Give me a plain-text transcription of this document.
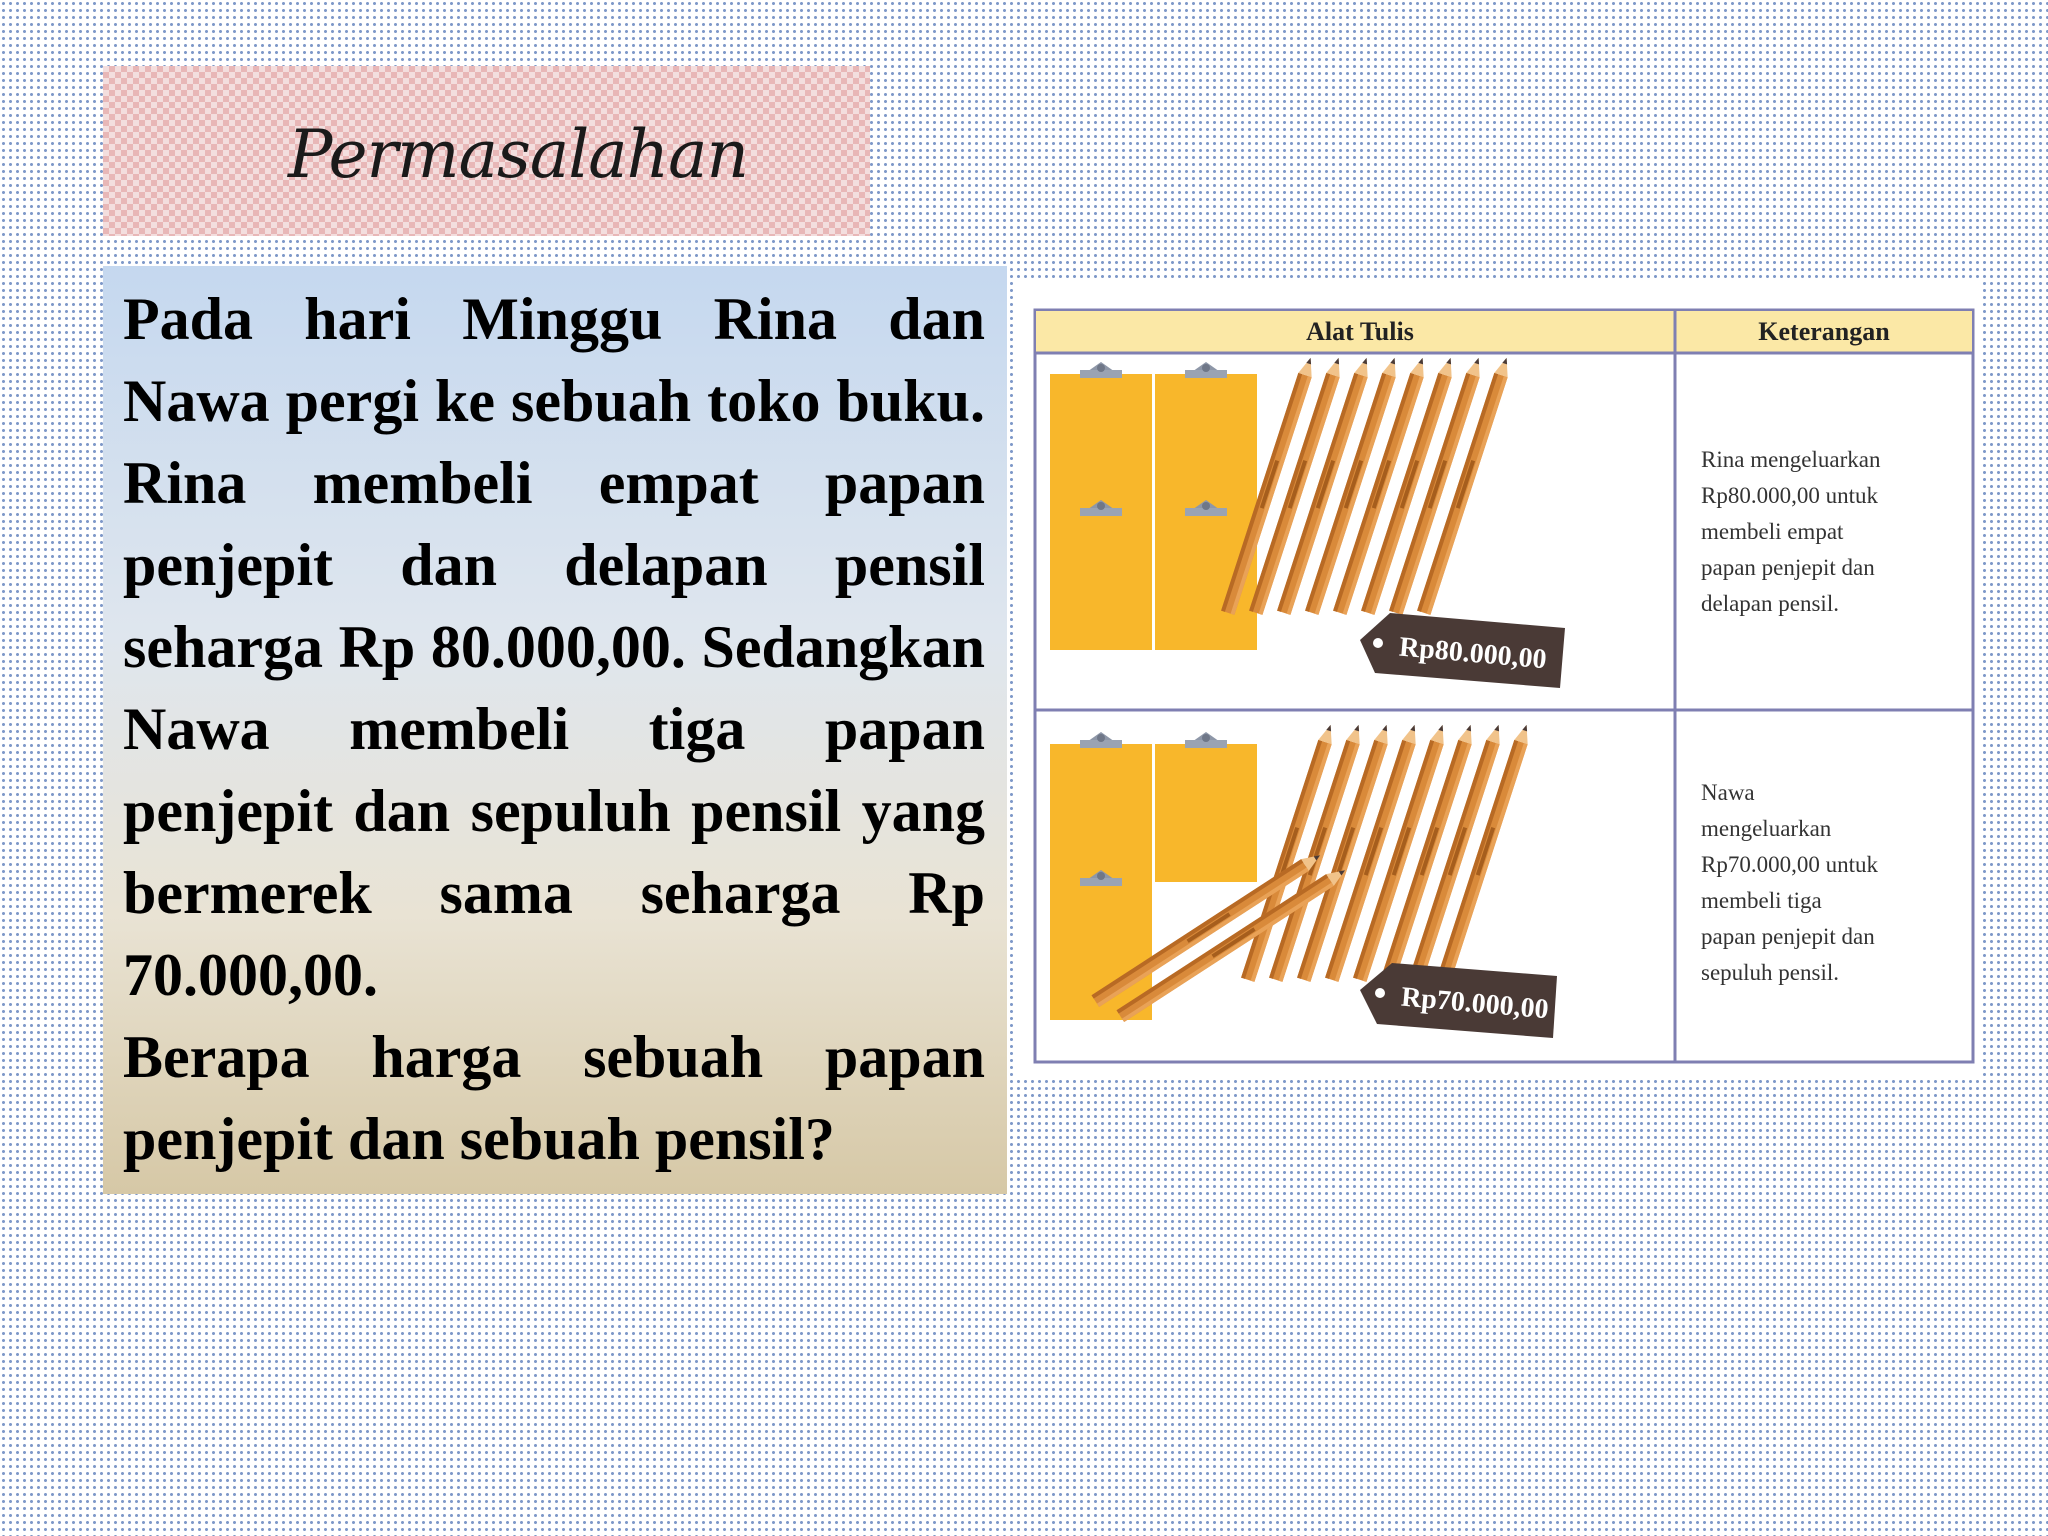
Permasalahan

Pada hari Minggu Rina dan Nawa pergi ke sebuah toko buku. Rina membeli empat papan penjepit dan delapan pensil seharga Rp 80.000,00. Sedangkan Nawa membeli tiga papan penjepit dan sepuluh pensil yang bermerek sama seharga Rp 70.000,00.
Berapa harga sebuah papan penjepit dan sebuah pensil?

Alat Tulis	Keterangan
Rp80.000,00
Rp70.000,00
Rina mengeluarkan
Rp80.000,00 untuk
membeli empat
papan penjepit dan
delapan pensil.
Nawa
mengeluarkan
Rp70.000,00 untuk
membeli tiga
papan penjepit dan
sepuluh pensil.
